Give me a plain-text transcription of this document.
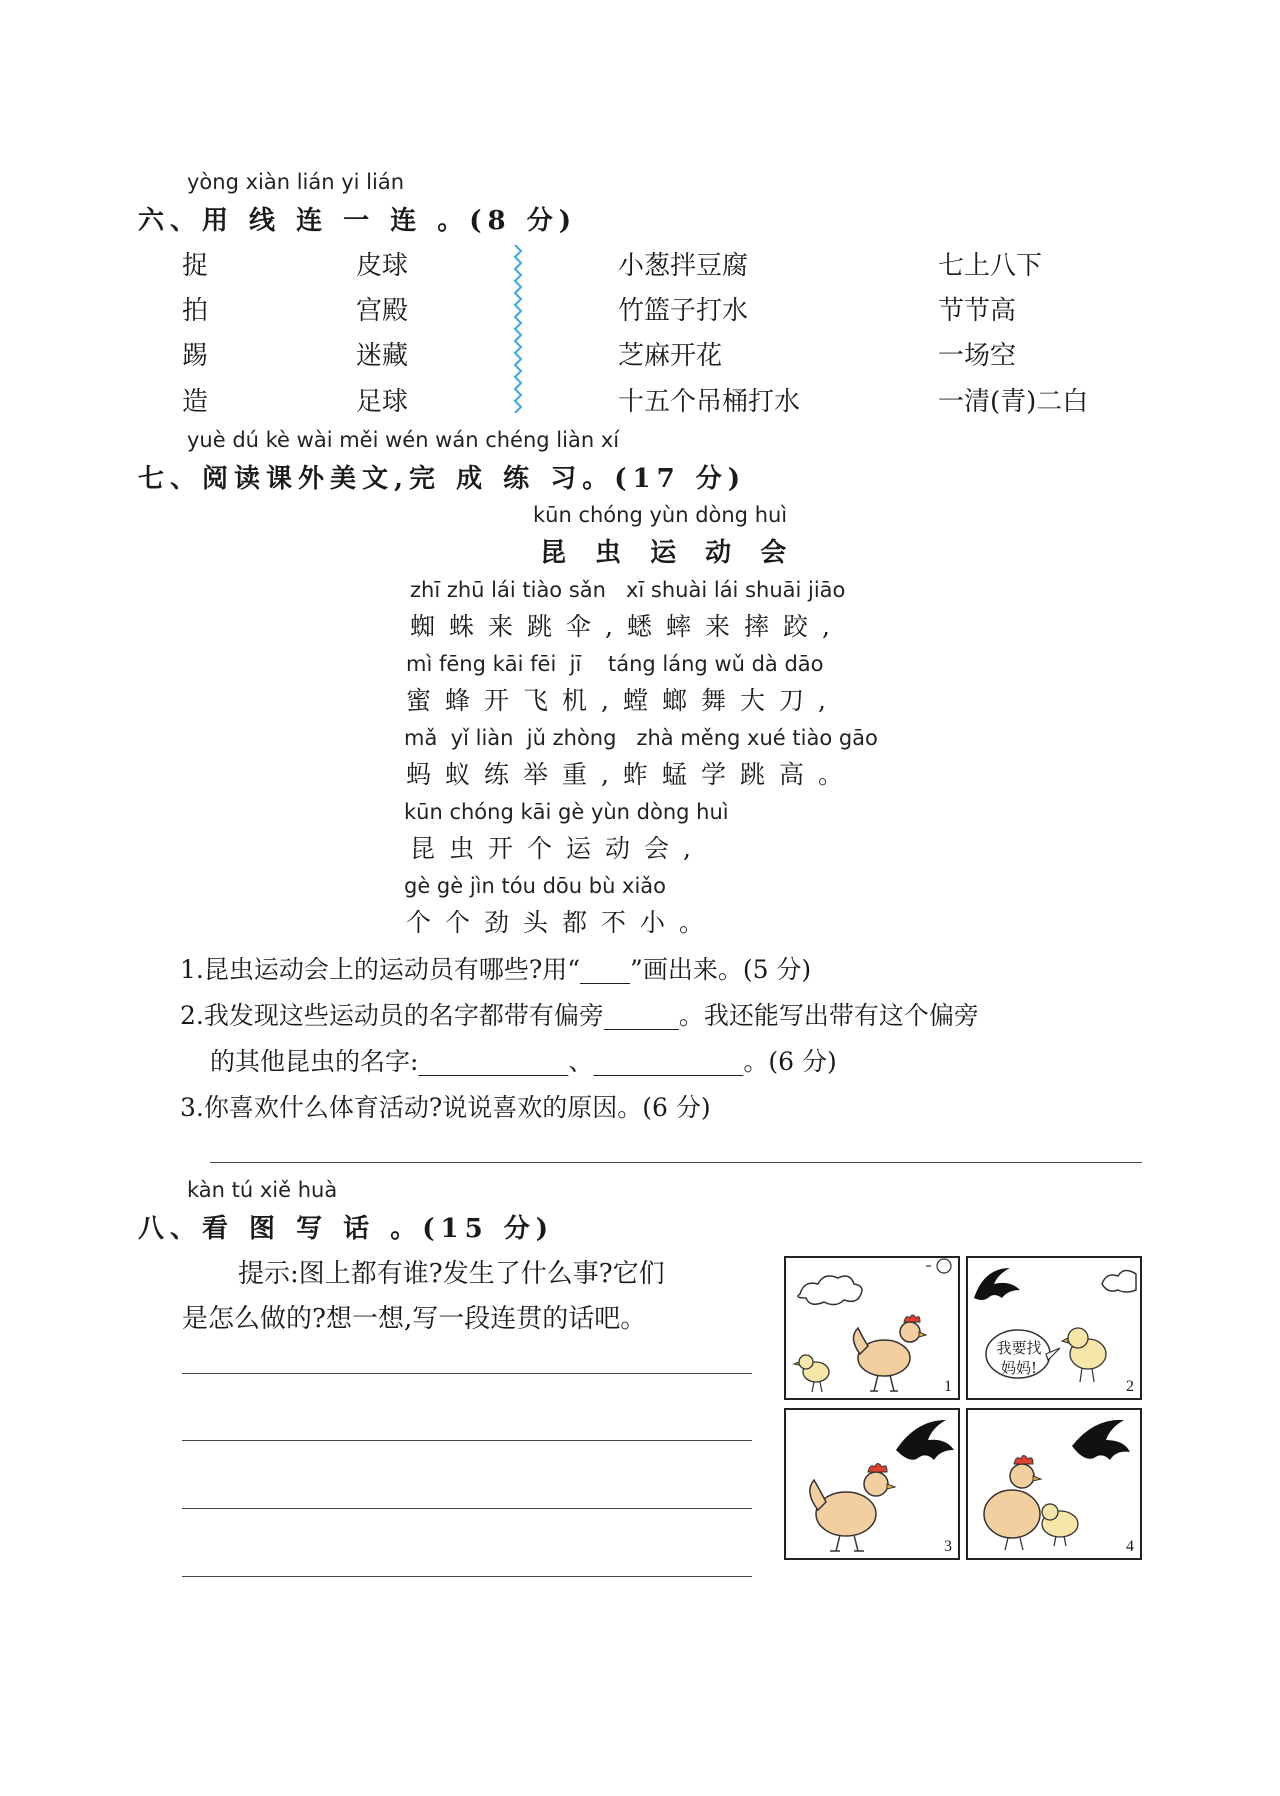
yòng xiàn lián yi lián
六、用 线 连 一 连 。(8 分)
捉
拍
踢
造
皮球
宫殿
迷藏
足球
小葱拌豆腐
竹篮子打水
芝麻开花
十五个吊桶打水
七上八下
节节高
一场空
一清(青)二白
yuè dú kè wài měi wén wán chéng liàn xí
七、阅读课外美文,完 成 练 习。(17 分)
kūn chóng yùn dòng huì
昆 虫 运 动 会
zhī zhū lái tiào sǎn   xī shuài lái shuāi jiāo
蜘蛛来跳伞,蟋蟀来摔跤,
mì fēng kāi fēi  jī    táng láng wǔ dà dāo
蜜蜂开飞机,螳螂舞大刀,
mǎ  yǐ liàn  jǔ zhòng   zhà měng xué tiào gāo
蚂蚁练举重,蚱蜢学跳高。
kūn chóng kāi gè yùn dòng huì
昆虫开个运动会,
gè gè jìn tóu dōu bù xiǎo
个个劲头都不小。
1.昆虫运动会上的运动员有哪些?用“____”画出来。(5 分)
2.我发现这些运动员的名字都带有偏旁______。我还能写出带有这个偏旁
的其他昆虫的名字:____________、____________。(6 分)
3.你喜欢什么体育活动?说说喜欢的原因。(6 分)
kàn tú xiě huà
八、看 图 写 话 。(15 分)
提示:图上都有谁?发生了什么事?它们
是怎么做的?想一想,写一段连贯的话吧。
1
我要找妈妈!
2
3	4
